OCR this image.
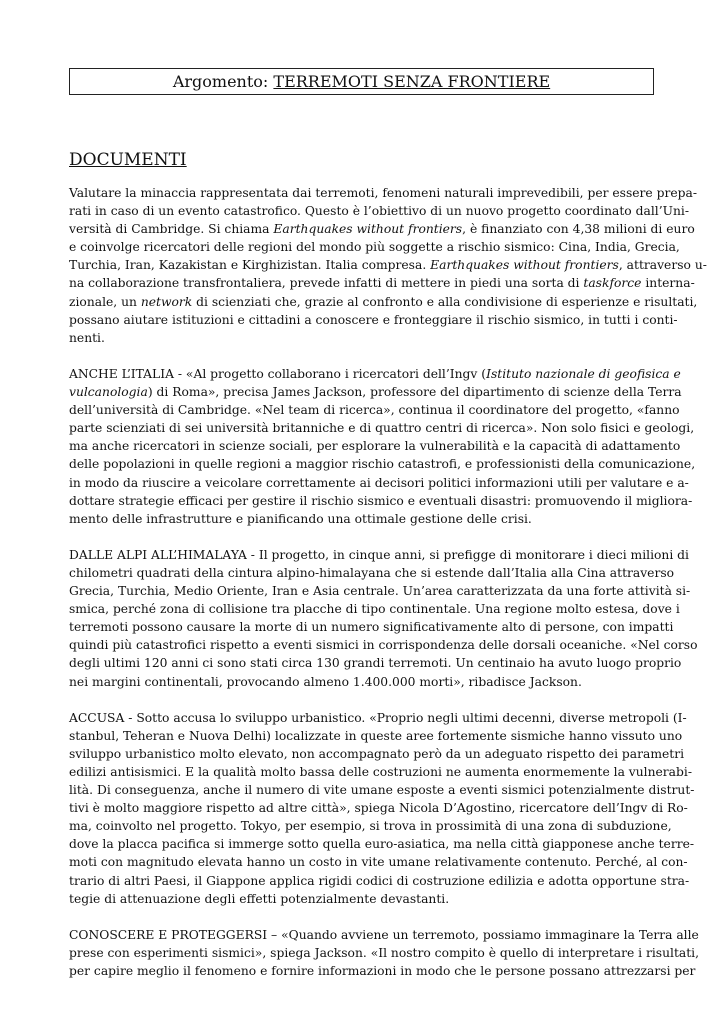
Argomento:
TERREMOTI SENZA FRONTIERE
DOCUMENTI
Valutare la minaccia rappresentata dai terremoti, fenomeni naturali imprevedibili, per essere prepa-
rati in caso di un evento catastrofico. Questo è l’obiettivo di un nuovo progetto coordinato dall’Uni-
versità di Cambridge. Si chiama Earthquakes without frontiers, è finanziato con 4,38 milioni di euro
e coinvolge ricercatori delle regioni del mondo più soggette a rischio sismico: Cina, India, Grecia,
Turchia, Iran, Kazakistan e Kirghizistan. Italia compresa. Earthquakes without frontiers, attraverso u-
na collaborazione transfrontaliera, prevede infatti di mettere in piedi una sorta di taskforce interna-
zionale, un network di scienziati che, grazie al confronto e alla condivisione di esperienze e risultati,
possano aiutare istituzioni e cittadini a conoscere e fronteggiare il rischio sismico, in tutti i conti-
nenti.
ANCHE L’ITALIA - «Al progetto collaborano i ricercatori dell’Ingv (Istituto nazionale di geofisica e
vulcanologia) di Roma», precisa James Jackson, professore del dipartimento di scienze della Terra
dell’università di Cambridge. «Nel team di ricerca», continua il coordinatore del progetto, «fanno
parte scienziati di sei università britanniche e di quattro centri di ricerca». Non solo fisici e geologi,
ma anche ricercatori in scienze sociali, per esplorare la vulnerabilità e la capacità di adattamento
delle popolazioni in quelle regioni a maggior rischio catastrofi, e professionisti della comunicazione,
in modo da riuscire a veicolare correttamente ai decisori politici informazioni utili per valutare e a-
dottare strategie efficaci per gestire il rischio sismico e eventuali disastri: promuovendo il migliora-
mento delle infrastrutture e pianificando una ottimale gestione delle crisi.
DALLE ALPI ALL’HIMALAYA - Il progetto, in cinque anni, si prefigge di monitorare i dieci milioni di
chilometri quadrati della cintura alpino-himalayana che si estende dall’Italia alla Cina attraverso
Grecia, Turchia, Medio Oriente, Iran e Asia centrale. Un’area caratterizzata da una forte attività si-
smica, perché zona di collisione tra placche di tipo continentale. Una regione molto estesa, dove i
terremoti possono causare la morte di un numero significativamente alto di persone, con impatti
quindi più catastrofici rispetto a eventi sismici in corrispondenza delle dorsali oceaniche. «Nel corso
degli ultimi 120 anni ci sono stati circa 130 grandi terremoti. Un centinaio ha avuto luogo proprio
nei margini continentali, provocando almeno 1.400.000 morti», ribadisce Jackson.
ACCUSA - Sotto accusa lo sviluppo urbanistico. «Proprio negli ultimi decenni, diverse metropoli (I-
stanbul, Teheran e Nuova Delhi) localizzate in queste aree fortemente sismiche hanno vissuto uno
sviluppo urbanistico molto elevato, non accompagnato però da un adeguato rispetto dei parametri
edilizi antisismici. E la qualità molto bassa delle costruzioni ne aumenta enormemente la vulnerabi-
lità. Di conseguenza, anche il numero di vite umane esposte a eventi sismici potenzialmente distrut-
tivi è molto maggiore rispetto ad altre città», spiega Nicola D’Agostino, ricercatore dell’Ingv di Ro-
ma, coinvolto nel progetto. Tokyo, per esempio, si trova in prossimità di una zona di subduzione,
dove la placca pacifica si immerge sotto quella euro-asiatica, ma nella città giapponese anche terre-
moti con magnitudo elevata hanno un costo in vite umane relativamente contenuto. Perché, al con-
trario di altri Paesi, il Giappone applica rigidi codici di costruzione edilizia e adotta opportune stra-
tegie di attenuazione degli effetti potenzialmente devastanti.
CONOSCERE E PROTEGGERSI – «Quando avviene un terremoto, possiamo immaginare la Terra alle
prese con esperimenti sismici», spiega Jackson. «Il nostro compito è quello di interpretare i risultati,
per capire meglio il fenomeno e fornire informazioni in modo che le persone possano attrezzarsi per
